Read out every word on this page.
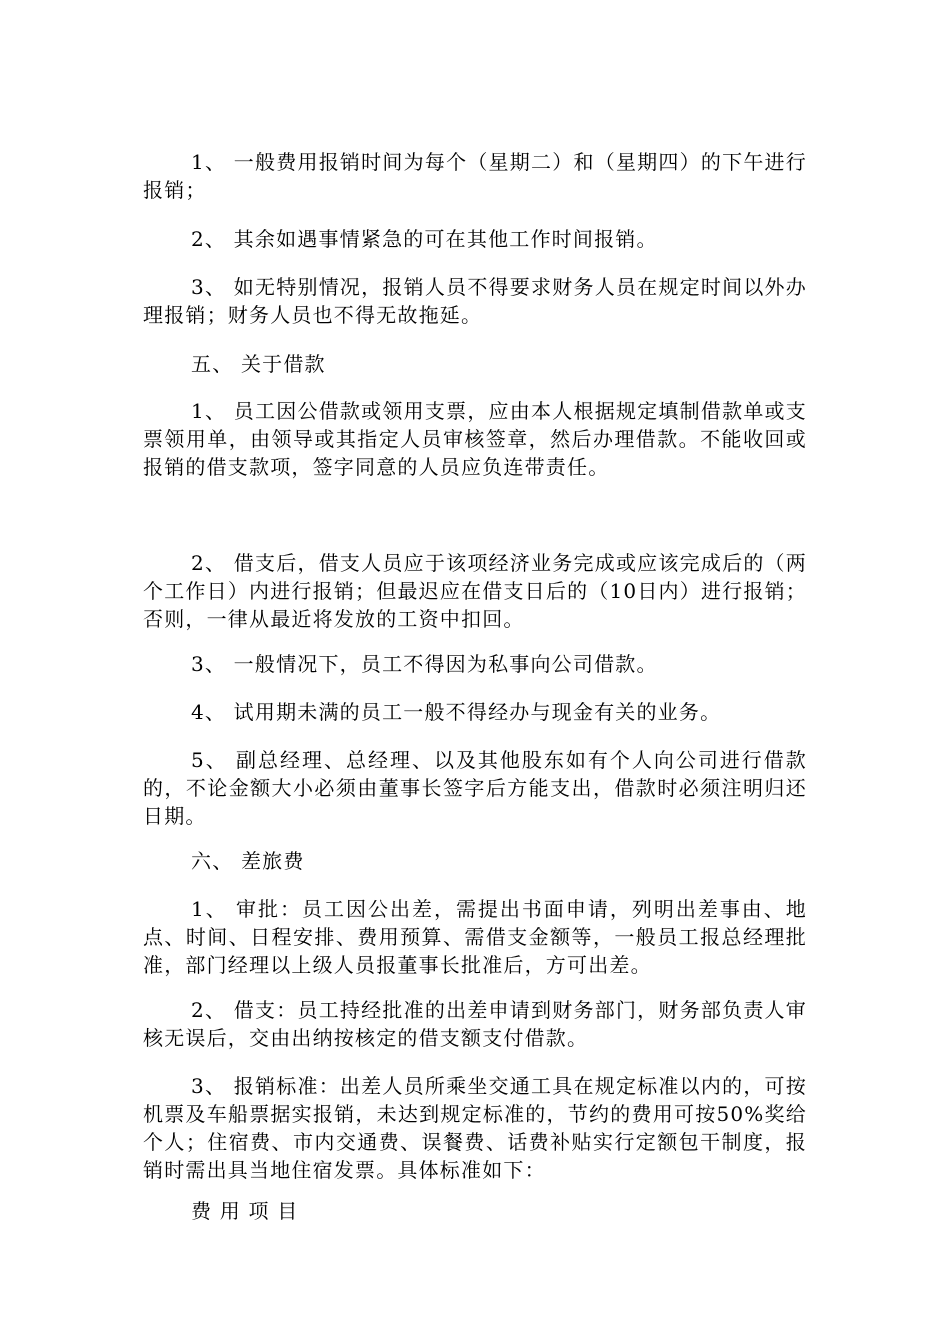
1、 一般费用报销时间为每个（星期二）和（星期四）的下午进行报销；

2、 其余如遇事情紧急的可在其他工作时间报销。

3、 如无特别情况，报销人员不得要求财务人员在规定时间以外办理报销；财务人员也不得无故拖延。

五、 关于借款

1、 员工因公借款或领用支票，应由本人根据规定填制借款单或支票领用单，由领导或其指定人员审核签章，然后办理借款。不能收回或报销的借支款项，签字同意的人员应负连带责任。

2、 借支后，借支人员应于该项经济业务完成或应该完成后的（两个工作日）内进行报销；但最迟应在借支日后的（10日内）进行报销；否则，一律从最近将发放的工资中扣回。

3、 一般情况下，员工不得因为私事向公司借款。

4、 试用期未满的员工一般不得经办与现金有关的业务。

5、 副总经理、总经理、以及其他股东如有个人向公司进行借款的，不论金额大小必须由董事长签字后方能支出，借款时必须注明归还日期。

六、 差旅费

1、 审批：员工因公出差，需提出书面申请，列明出差事由、地点、时间、日程安排、费用预算、需借支金额等，一般员工报总经理批准，部门经理以上级人员报董事长批准后，方可出差。

2、 借支：员工持经批准的出差申请到财务部门，财务部负责人审核无误后，交由出纳按核定的借支额支付借款。

3、 报销标准：出差人员所乘坐交通工具在规定标准以内的，可按机票及车船票据实报销，未达到规定标准的，节约的费用可按50%奖给个人；住宿费、市内交通费、误餐费、话费补贴实行定额包干制度，报销时需出具当地住宿发票。具体标准如下：

费 用 项 目
